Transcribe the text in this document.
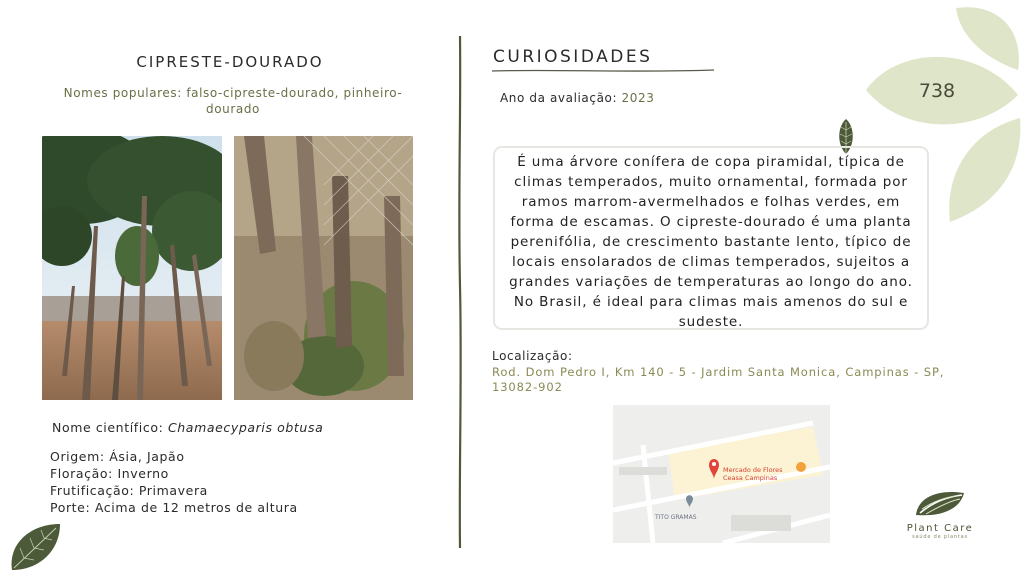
CIPRESTE-DOURADO
Nomes populares: falso-cipreste-dourado, pinheiro-dourado
Nome científico: Chamaecyparis obtusa
Origem: Ásia, Japão
Floração: Inverno
Frutificação: Primavera
Porte: Acima de 12 metros de altura
CURIOSIDADES
Ano da avaliação: 2023	738
É uma árvore conífera de copa piramidal, típica de climas temperados, muito ornamental, formada por ramos marrom-avermelhados e folhas verdes, em forma de escamas. O cipreste-dourado é uma planta perenifólia, de crescimento bastante lento, típico de locais ensolarados de climas temperados, sujeitos a grandes variações de temperaturas ao longo do ano. No Brasil, é ideal para climas mais amenos do sul e sudeste.
Localização:
Rod. Dom Pedro I, Km 140 - 5 - Jardim Santa Monica, Campinas - SP, 13082-902
Mercado de Flores
Ceasa Campinas
TITO GRAMAS
Plant Care
saúde de plantas
